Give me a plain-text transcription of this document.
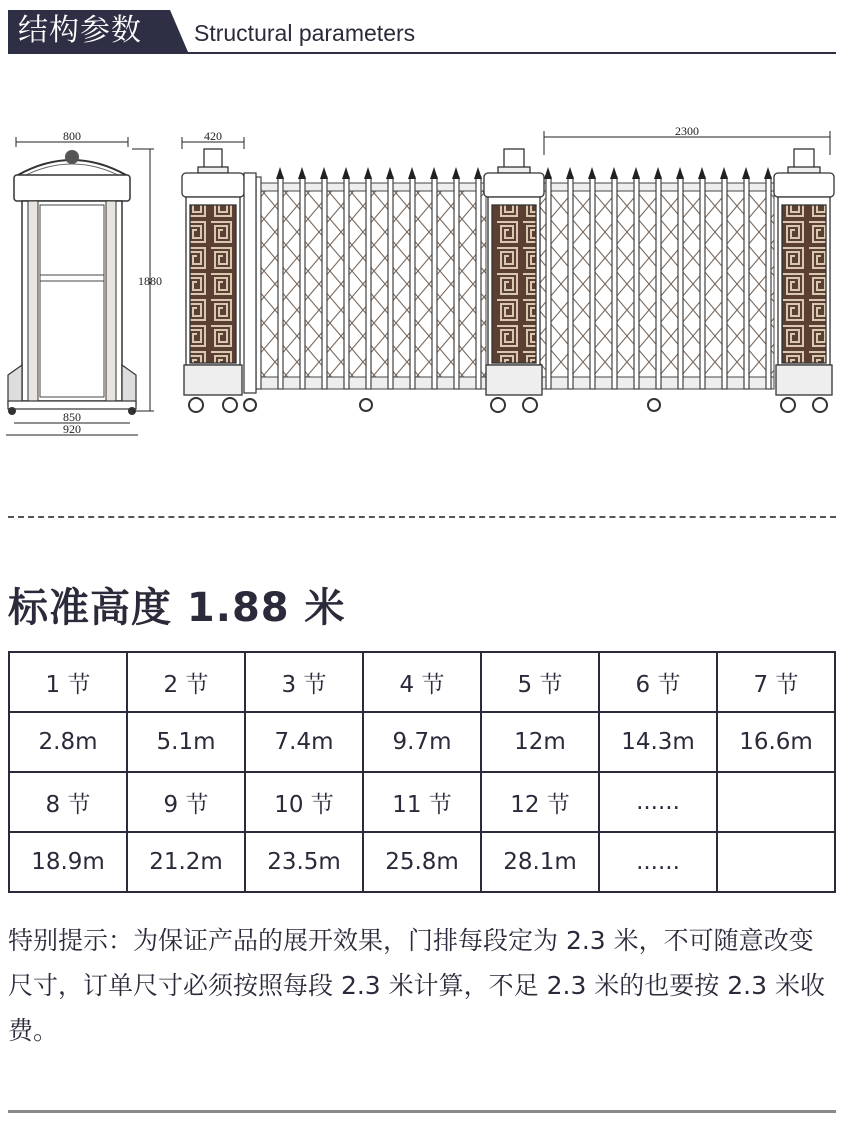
结构参数 Structural parameters
800
1880
850
920
420	2300
标准高度 1.88 米
1 节	2 节	3 节	4 节	5 节	6 节	7 节
2.8m	5.1m	7.4m	9.7m	12m	14.3m	16.6m
8 节	9 节	10 节	11 节	12 节	......	
18.9m	21.2m	23.5m	25.8m	28.1m	......	
特别提示：为保证产品的展开效果，门排每段定为 2.3 米，不可随意改变尺寸，订单尺寸必须按照每段 2.3 米计算，不足 2.3 米的也要按 2.3 米收费。
